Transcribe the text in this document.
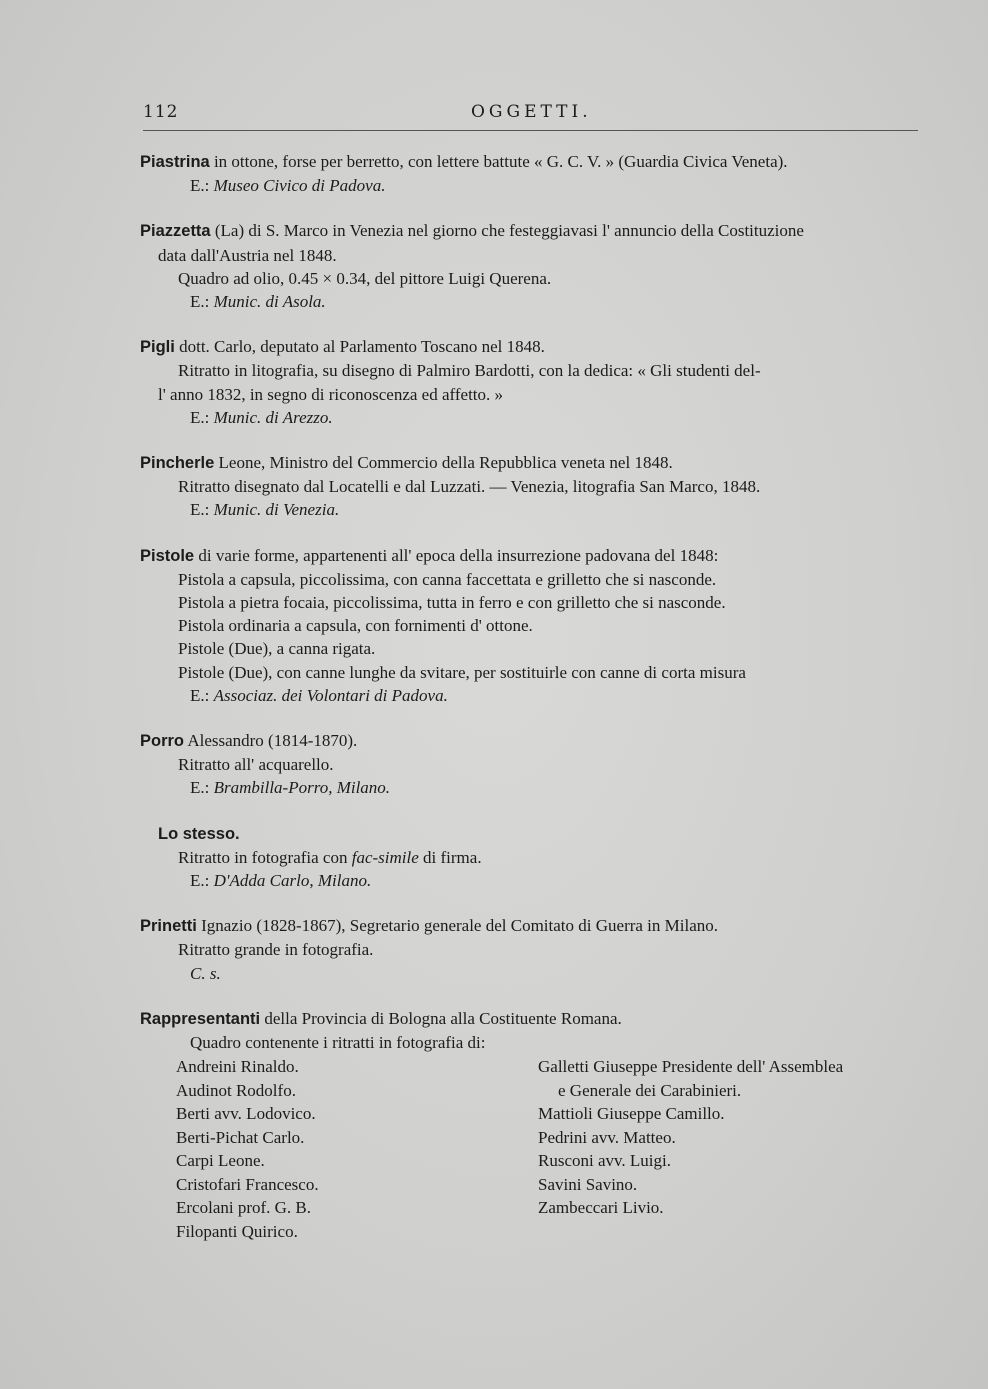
112	OGGETTI.
Piastrina in ottone, forse per berretto, con lettere battute « G. C. V. » (Guardia Civica Veneta).
E.: Museo Civico di Padova.
Piazzetta (La) di S. Marco in Venezia nel giorno che festeggiavasi l' annuncio della Costituzione
data dall'Austria nel 1848.
Quadro ad olio, 0.45 × 0.34, del pittore Luigi Querena.
E.: Munic. di Asola.
Pigli dott. Carlo, deputato al Parlamento Toscano nel 1848.
Ritratto in litografia, su disegno di Palmiro Bardotti, con la dedica: « Gli studenti del-
l' anno 1832, in segno di riconoscenza ed affetto. »
E.: Munic. di Arezzo.
Pincherle Leone, Ministro del Commercio della Repubblica veneta nel 1848.
Ritratto disegnato dal Locatelli e dal Luzzati. — Venezia, litografia San Marco, 1848.
E.: Munic. di Venezia.
Pistole di varie forme, appartenenti all' epoca della insurrezione padovana del 1848:
Pistola a capsula, piccolissima, con canna faccettata e grilletto che si nasconde.
Pistola a pietra focaia, piccolissima, tutta in ferro e con grilletto che si nasconde.
Pistola ordinaria a capsula, con fornimenti d' ottone.
Pistole (Due), a canna rigata.
Pistole (Due), con canne lunghe da svitare, per sostituirle con canne di corta misura
E.: Associaz. dei Volontari di Padova.
Porro Alessandro (1814-1870).
Ritratto all' acquarello.
E.: Brambilla-Porro, Milano.
Lo stesso.
Ritratto in fotografia con fac-simile di firma.
E.: D'Adda Carlo, Milano.
Prinetti Ignazio (1828-1867), Segretario generale del Comitato di Guerra in Milano.
Ritratto grande in fotografia.
C. s.
Rappresentanti della Provincia di Bologna alla Costituente Romana.
Quadro contenente i ritratti in fotografia di:
Andreini Rinaldo.
Audinot Rodolfo.
Berti avv. Lodovico.
Berti-Pichat Carlo.
Carpi Leone.
Cristofari Francesco.
Ercolani prof. G. B.
Filopanti Quirico.
Galletti Giuseppe Presidente dell' Assemblea
e Generale dei Carabinieri.
Mattioli Giuseppe Camillo.
Pedrini avv. Matteo.
Rusconi avv. Luigi.
Savini Savino.
Zambeccari Livio.
